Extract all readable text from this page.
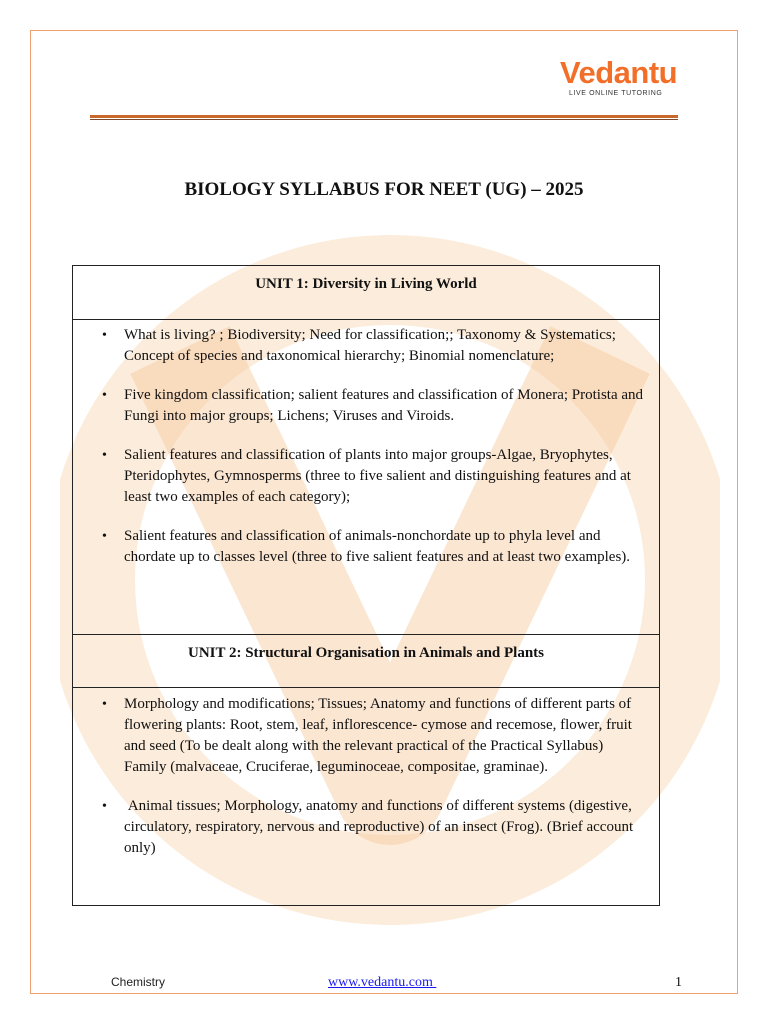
Vedantu
LIVE ONLINE TUTORING
BIOLOGY SYLLABUS FOR NEET (UG) – 2025
UNIT 1: Diversity in Living World
• What is living? ; Biodiversity; Need for classification;; Taxonomy & Systematics; Concept of species and taxonomical hierarchy; Binomial nomenclature;
• Five kingdom classification; salient features and classification of Monera; Protista and Fungi into major groups; Lichens; Viruses and Viroids.
• Salient features and classification of plants into major groups-Algae, Bryophytes, Pteridophytes, Gymnosperms (three to five salient and distinguishing features and at least two examples of each category);
• Salient features and classification of animals-nonchordate up to phyla level and chordate up to classes level (three to five salient features and at least two examples).
UNIT 2: Structural Organisation in Animals and Plants
• Morphology and modifications; Tissues; Anatomy and functions of different parts of flowering plants: Root, stem, leaf, inflorescence- cymose and recemose, flower, fruit and seed (To be dealt along with the relevant practical of the Practical Syllabus) Family (malvaceae, Cruciferae, leguminoceae, compositae, graminae).
• Animal tissues; Morphology, anatomy and functions of different systems (digestive, circulatory, respiratory, nervous and reproductive) of an insect (Frog). (Brief account only)
Chemistry	www.vedantu.com	1
